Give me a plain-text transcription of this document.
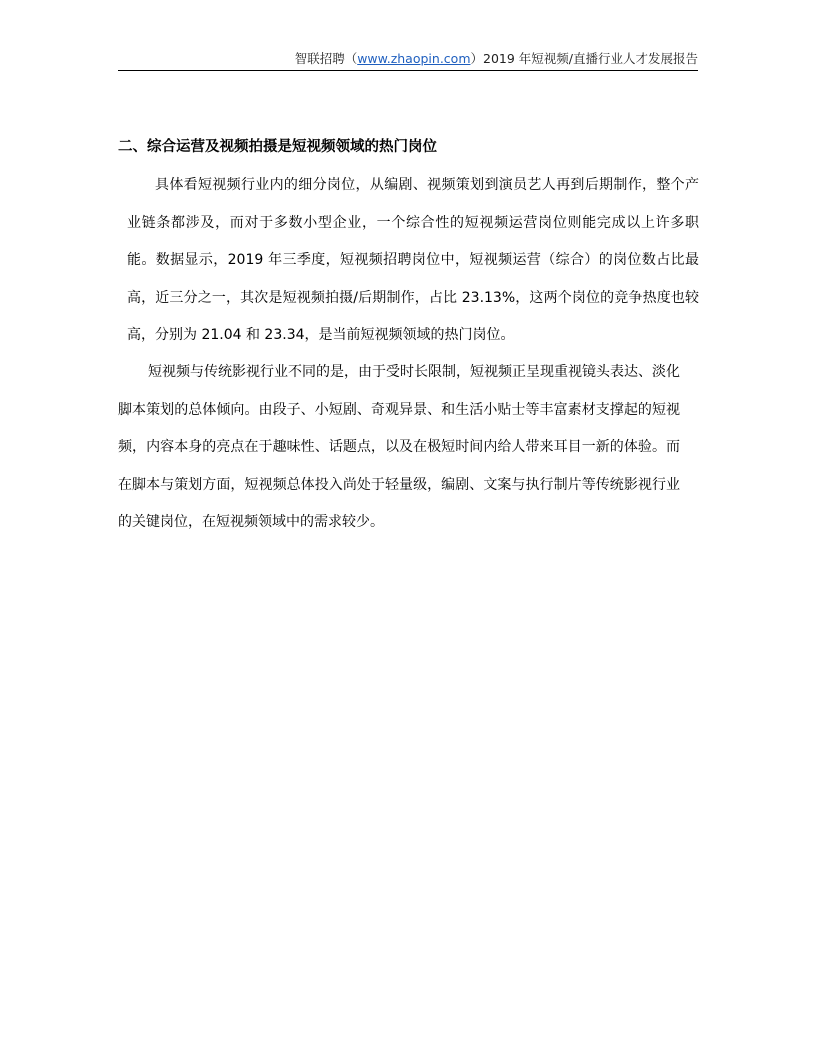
智联招聘（www.zhaopin.com）2019 年短视频/直播行业人才发展报告
二、综合运营及视频拍摄是短视频领域的热门岗位

具体看短视频行业内的细分岗位，从编剧、视频策划到演员艺人再到后期制作，整个产业链条都涉及，而对于多数小型企业，一个综合性的短视频运营岗位则能完成以上许多职能。数据显示，2019 年三季度，短视频招聘岗位中，短视频运营（综合）的岗位数占比最高，近三分之一，其次是短视频拍摄/后期制作，占比 23.13%，这两个岗位的竞争热度也较高，分别为 21.04 和 23.34，是当前短视频领域的热门岗位。

短视频与传统影视行业不同的是，由于受时长限制，短视频正呈现重视镜头表达、淡化脚本策划的总体倾向。由段子、小短剧、奇观异景、和生活小贴士等丰富素材支撑起的短视频，内容本身的亮点在于趣味性、话题点，以及在极短时间内给人带来耳目一新的体验。而在脚本与策划方面，短视频总体投入尚处于轻量级，编剧、文案与执行制片等传统影视行业的关键岗位，在短视频领域中的需求较少。
